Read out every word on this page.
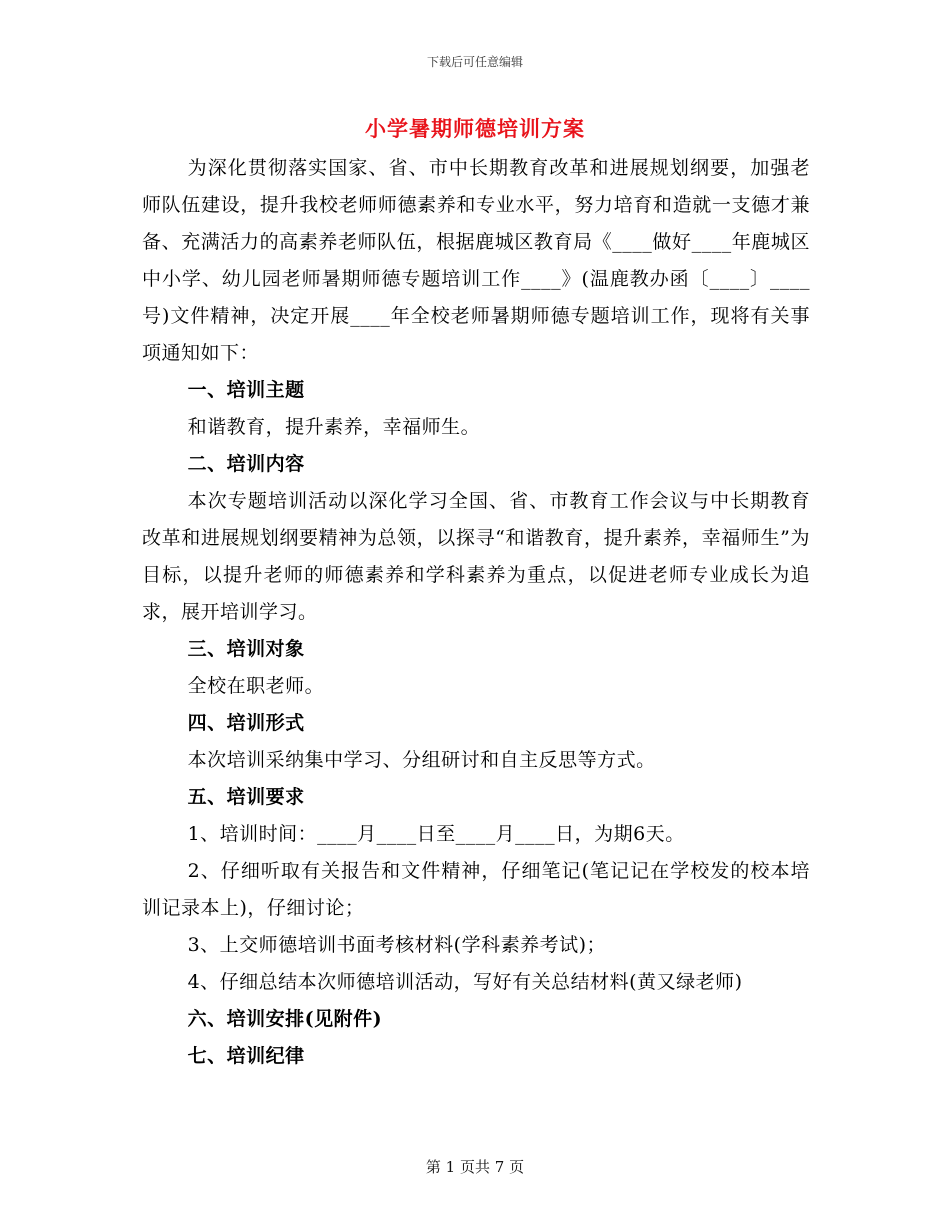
下载后可任意编辑
小学暑期师德培训方案

为深化贯彻落实国家、省、市中长期教育改革和进展规划纲要，加强老师队伍建设，提升我校老师师德素养和专业水平，努力培育和造就一支德才兼备、充满活力的高素养老师队伍，根据鹿城区教育局《____做好____年鹿城区中小学、幼儿园老师暑期师德专题培训工作____》(温鹿教办函〔____〕____号)文件精神，决定开展____年全校老师暑期师德专题培训工作，现将有关事项通知如下：

一、培训主题

和谐教育，提升素养，幸福师生。

二、培训内容

本次专题培训活动以深化学习全国、省、市教育工作会议与中长期教育改革和进展规划纲要精神为总领，以探寻“和谐教育，提升素养，幸福师生”为目标，以提升老师的师德素养和学科素养为重点，以促进老师专业成长为追求，展开培训学习。

三、培训对象

全校在职老师。

四、培训形式

本次培训采纳集中学习、分组研讨和自主反思等方式。

五、培训要求

1、培训时间：____月____日至____月____日，为期6天。

2、仔细听取有关报告和文件精神，仔细笔记(笔记记在学校发的校本培训记录本上)，仔细讨论；

3、上交师德培训书面考核材料(学科素养考试)；

4、仔细总结本次师德培训活动，写好有关总结材料(黄又绿老师)

六、培训安排(见附件)

七、培训纪律

第 1 页共 7 页
